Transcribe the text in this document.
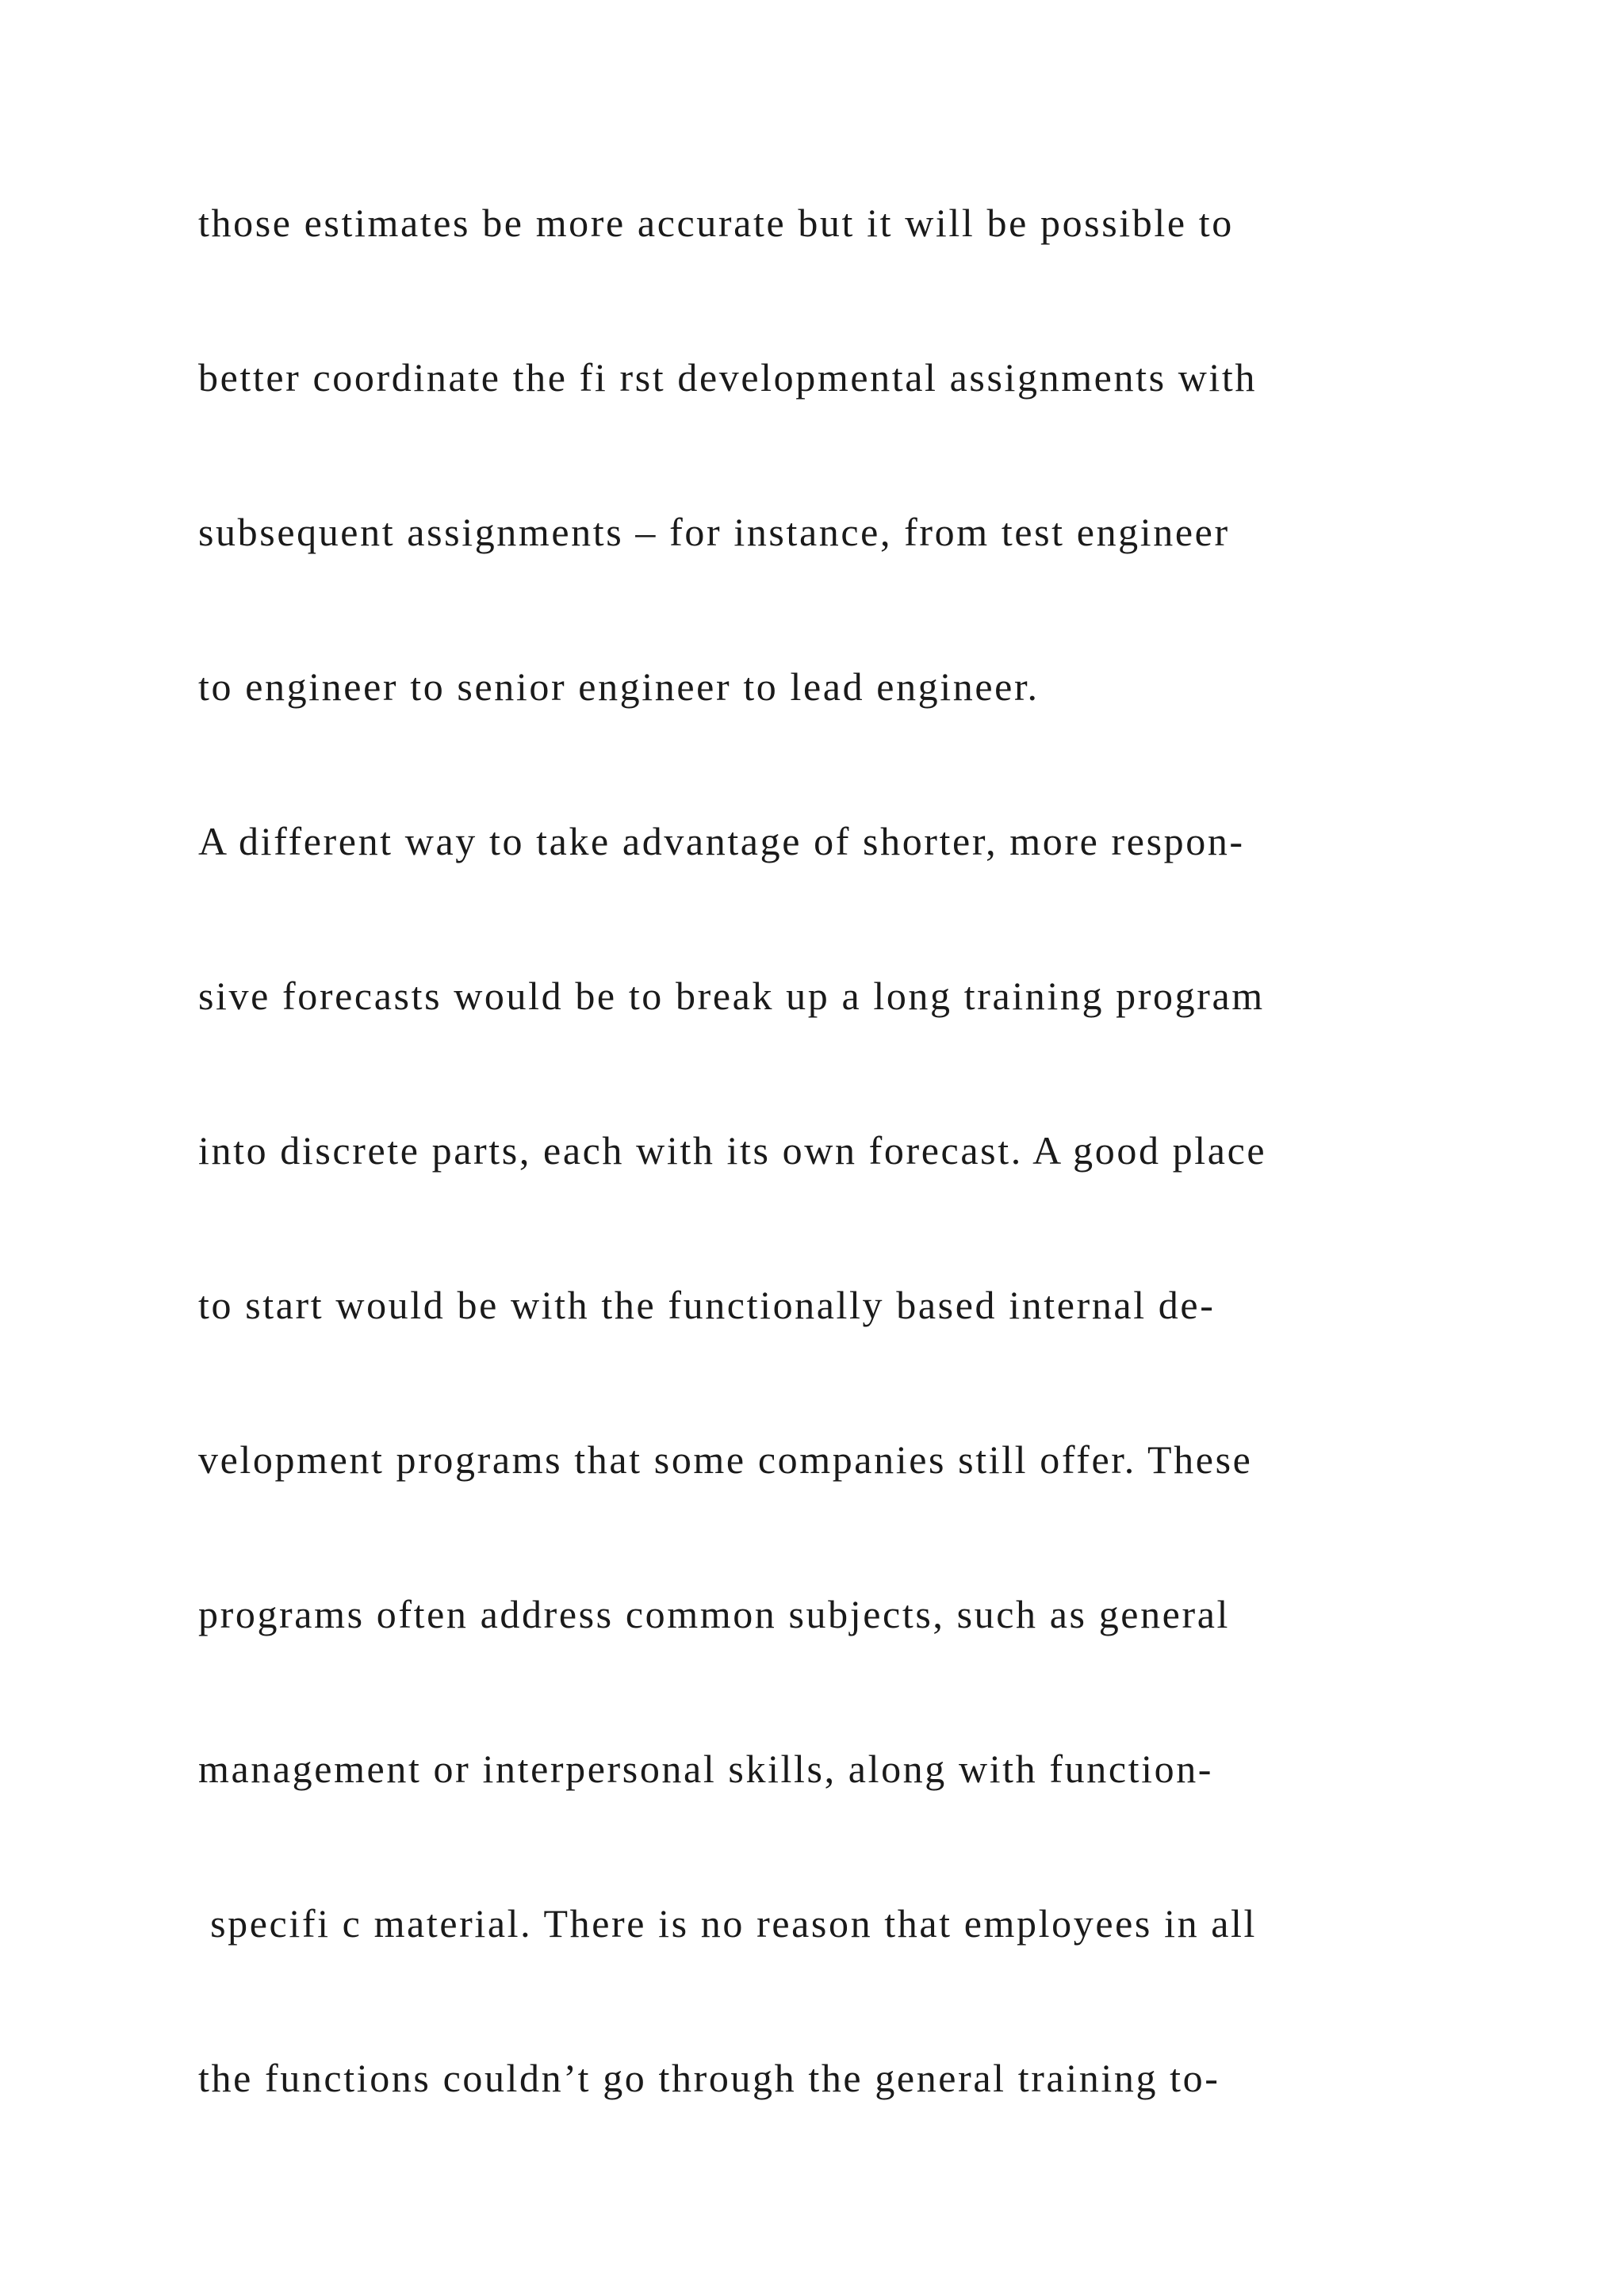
those estimates be more accurate but it will be possible to

better coordinate the fi rst developmental assignments with

subsequent assignments – for instance, from test engineer

to engineer to senior engineer to lead engineer.

A different way to take advantage of shorter, more respon-

sive forecasts would be to break up a long training program

into discrete parts, each with its own forecast. A good place

to start would be with the functionally based internal de-

velopment programs that some companies still offer. These

programs often address common subjects, such as general

management or interpersonal skills, along with function-

specifi c material. There is no reason that employees in all

the functions couldn’t go through the general training to-
